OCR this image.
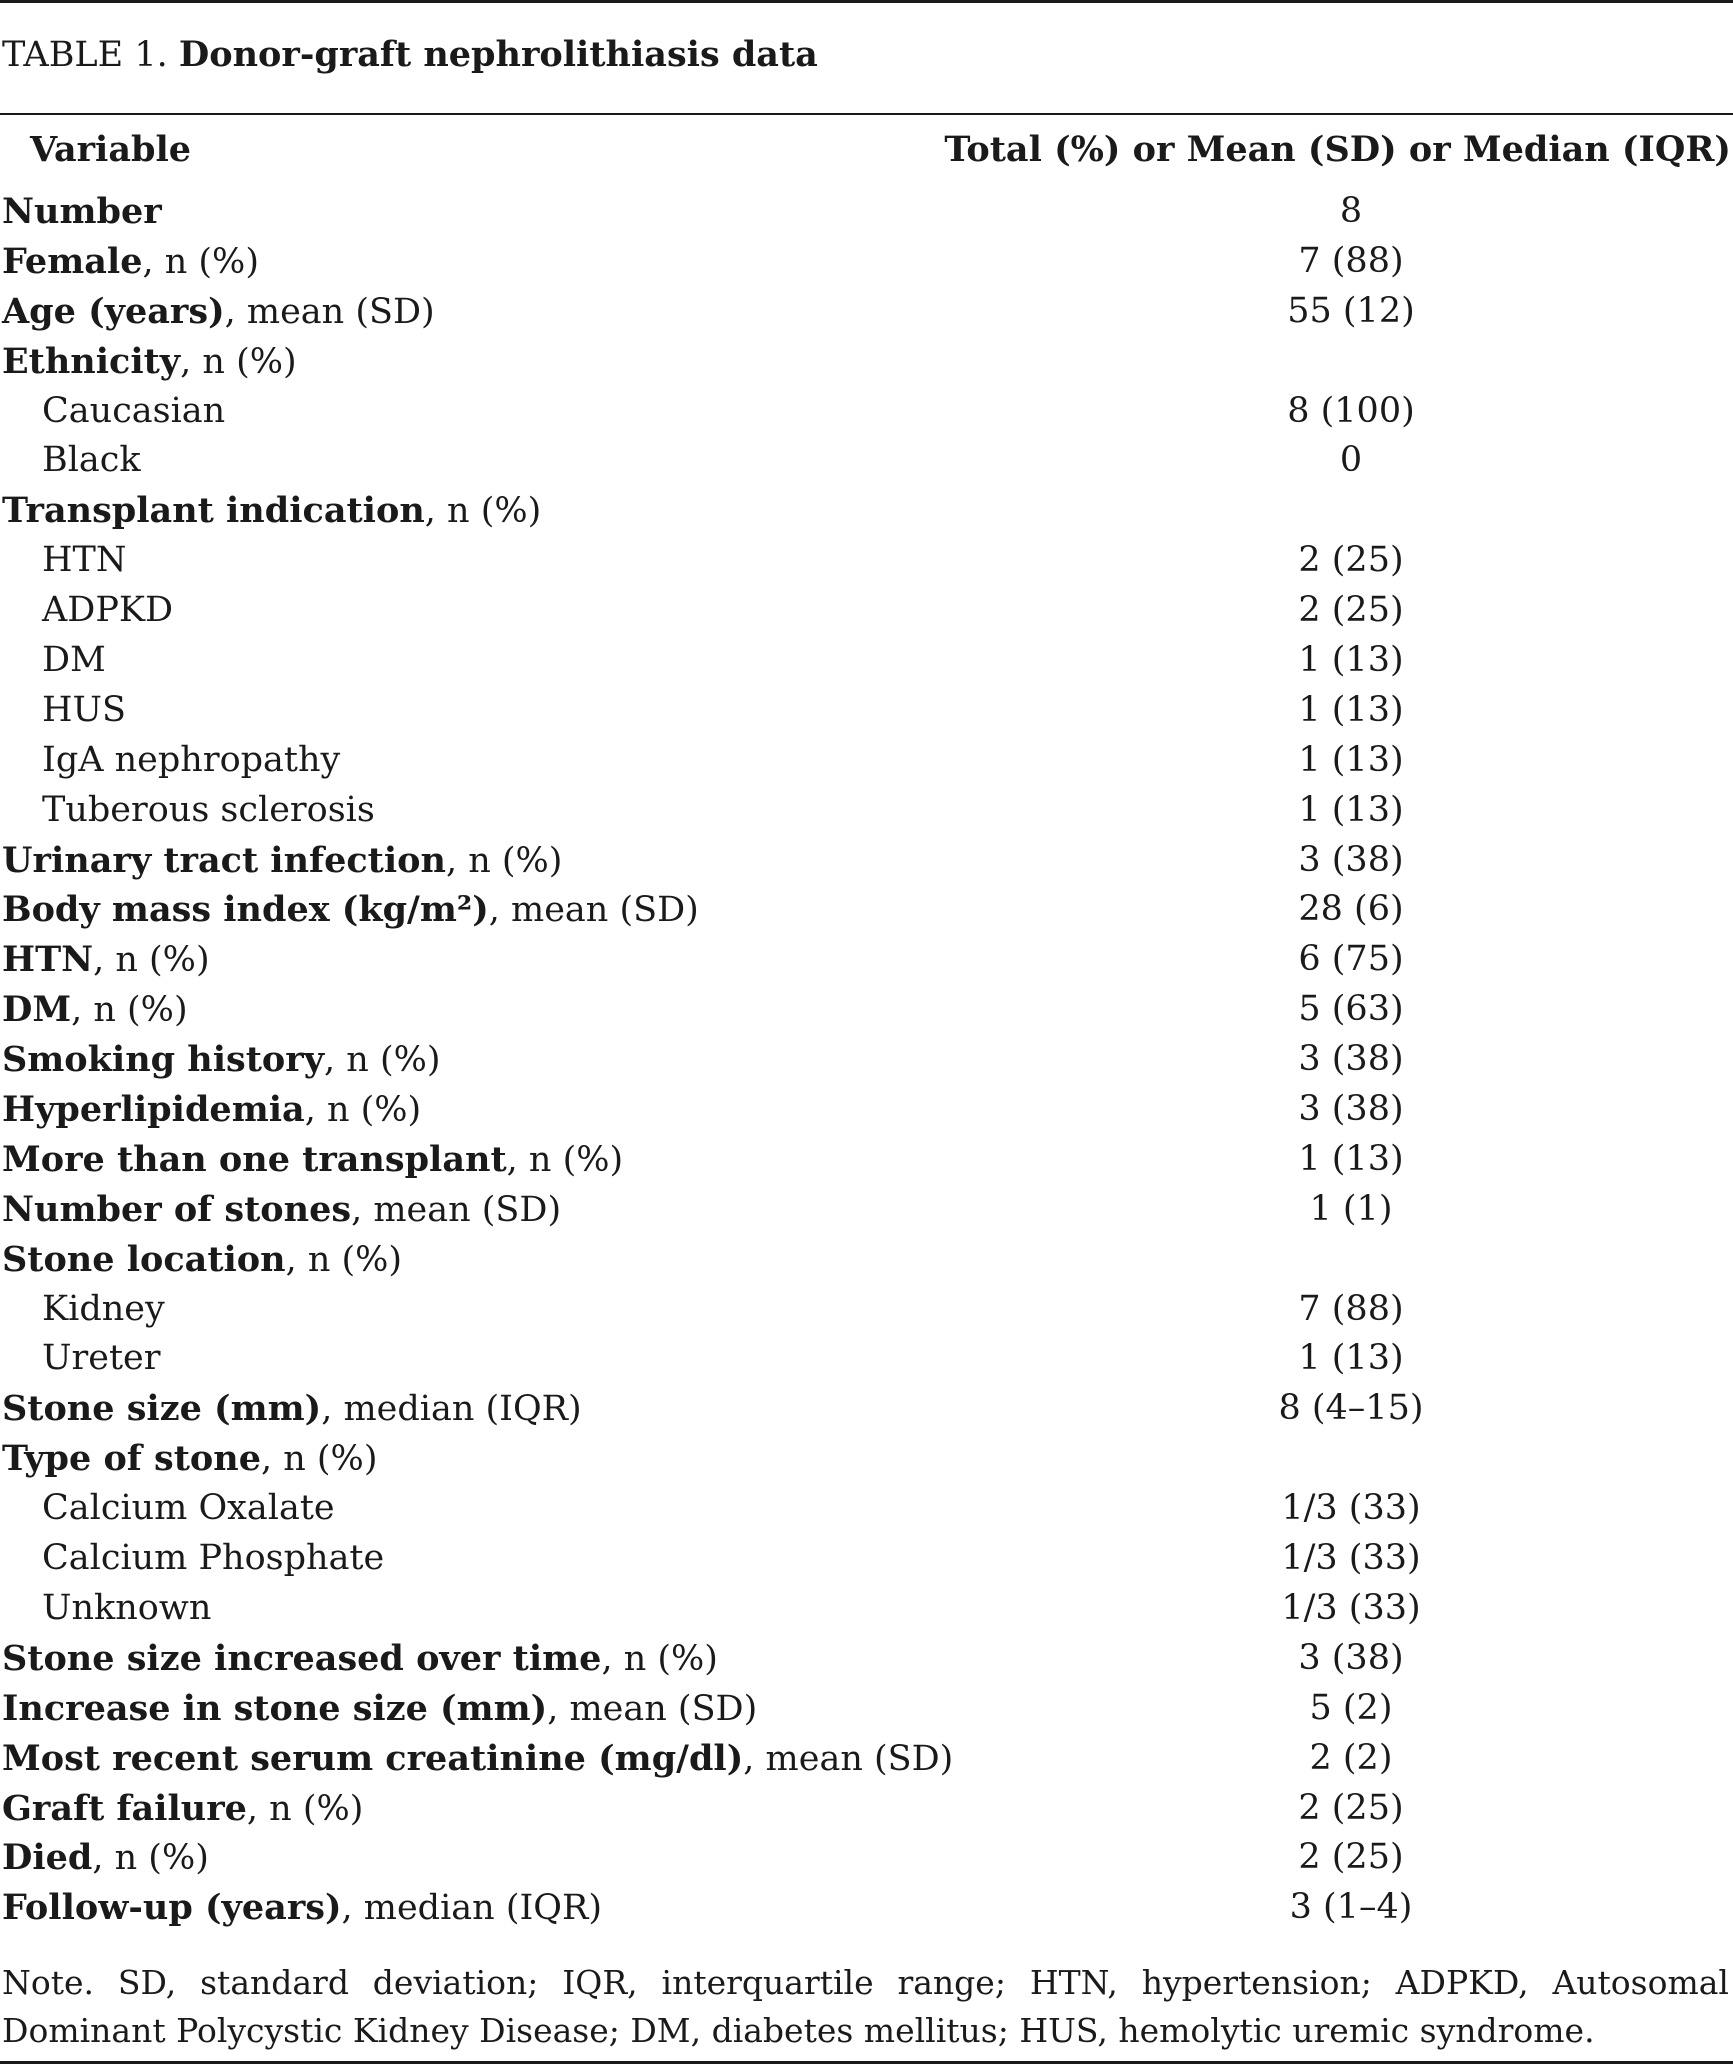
TABLE 1. Donor-graft nephrolithiasis data
Variable	Total (%) or Mean (SD) or Median (IQR)
Number	8
Female, n (%)	7 (88)
Age (years), mean (SD)	55 (12)
Ethnicity, n (%)
Caucasian	8 (100)
Black	0
Transplant indication, n (%)
HTN	2 (25)
ADPKD	2 (25)
DM	1 (13)
HUS	1 (13)
IgA nephropathy	1 (13)
Tuberous sclerosis	1 (13)
Urinary tract infection, n (%)	3 (38)
Body mass index (kg/m²), mean (SD)	28 (6)
HTN, n (%)	6 (75)
DM, n (%)	5 (63)
Smoking history, n (%)	3 (38)
Hyperlipidemia, n (%)	3 (38)
More than one transplant, n (%)	1 (13)
Number of stones, mean (SD)	1 (1)
Stone location, n (%)
Kidney	7 (88)
Ureter	1 (13)
Stone size (mm), median (IQR)	8 (4–15)
Type of stone, n (%)
Calcium Oxalate	1/3 (33)
Calcium Phosphate	1/3 (33)
Unknown	1/3 (33)
Stone size increased over time, n (%)	3 (38)
Increase in stone size (mm), mean (SD)	5 (2)
Most recent serum creatinine (mg/dl), mean (SD)	2 (2)
Graft failure, n (%)	2 (25)
Died, n (%)	2 (25)
Follow-up (years), median (IQR)	3 (1–4)
Note. SD, standard deviation; IQR, interquartile range; HTN, hypertension; ADPKD, Autosomal Dominant Polycystic Kidney Disease; DM, diabetes mellitus; HUS, hemolytic uremic syndrome.
